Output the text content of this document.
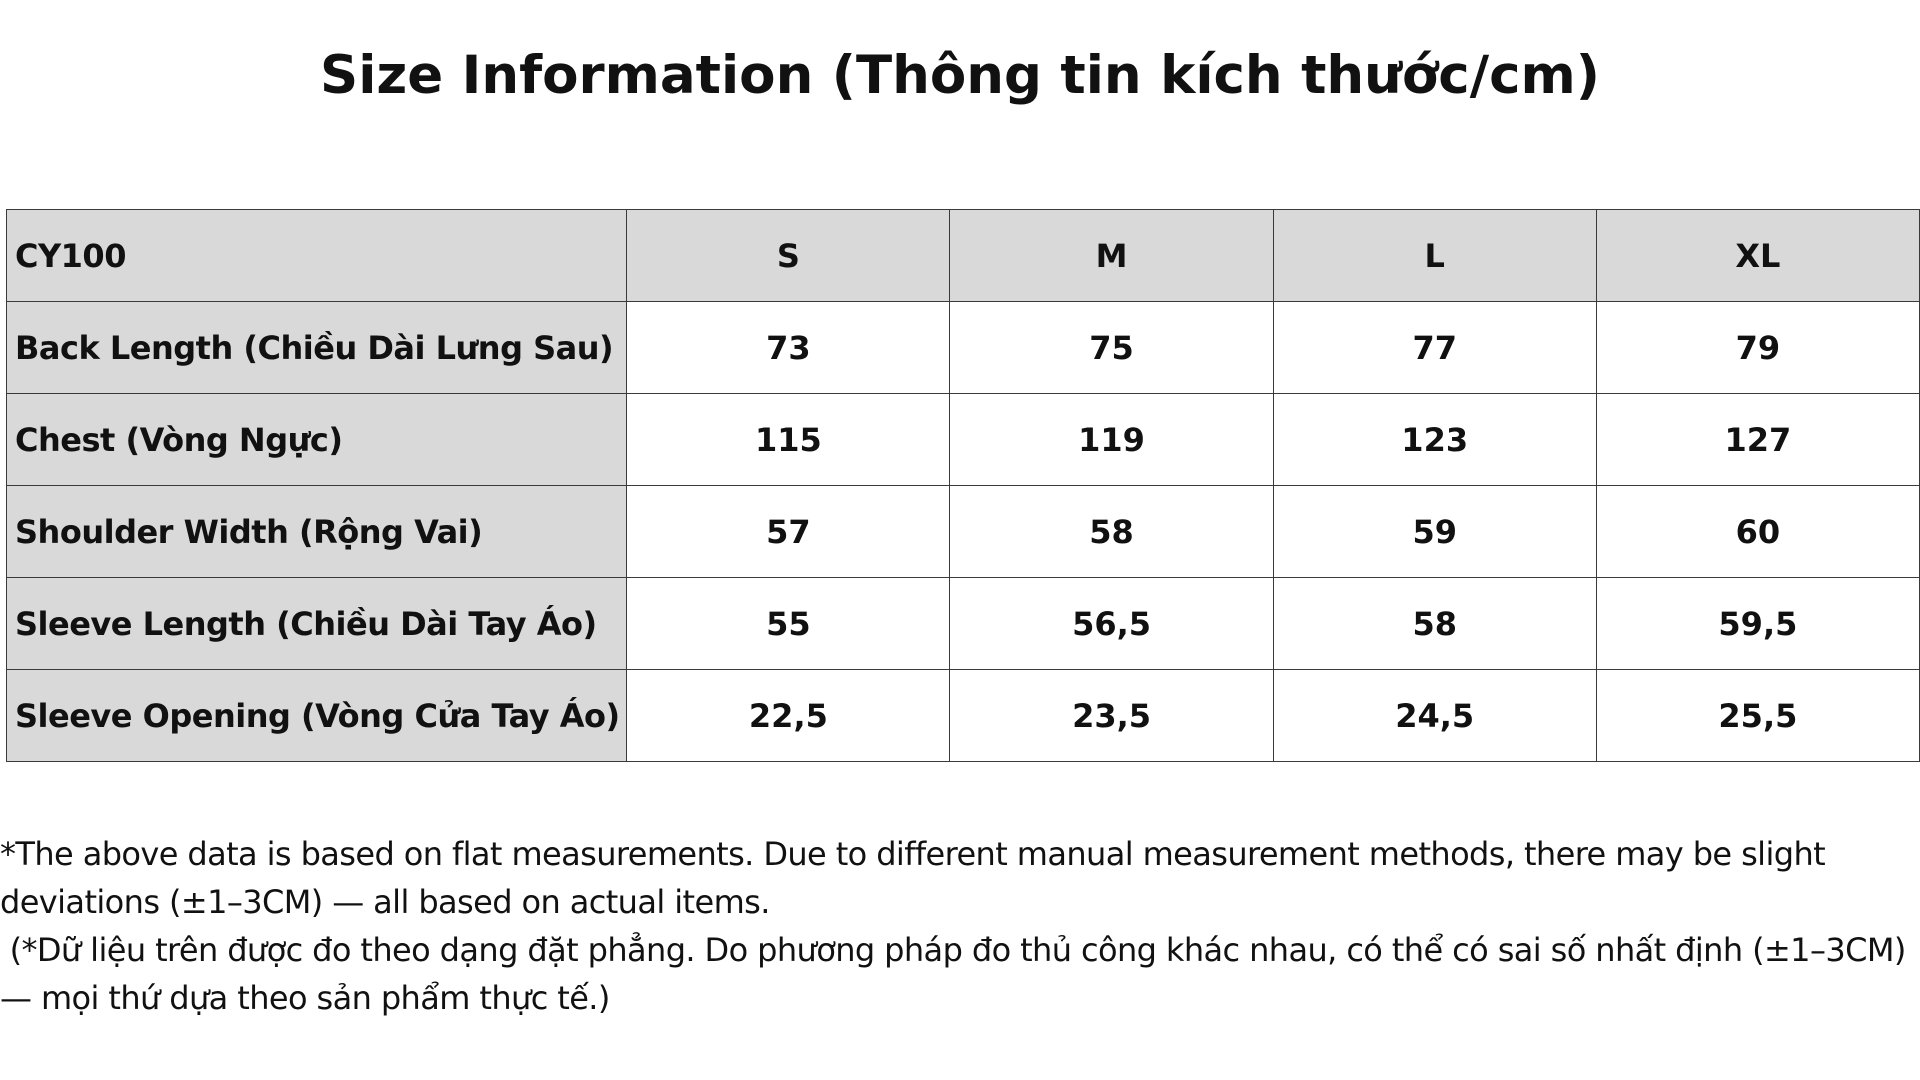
Size Information (Thông tin kích thước/cm)
CY100	S	M	L	XL
Back Length (Chiều Dài Lưng Sau)	73	75	77	79
Chest (Vòng Ngực)	115	119	123	127
Shoulder Width (Rộng Vai)	57	58	59	60
Sleeve Length (Chiều Dài Tay Áo)	55	56,5	58	59,5
Sleeve Opening (Vòng Cửa Tay Áo)	22,5	23,5	24,5	25,5

*The above data is based on flat measurements. Due to different manual measurement methods, there may be slight deviations (±1–3CM) — all based on actual items.

(*Dữ liệu trên được đo theo dạng đặt phẳng. Do phương pháp đo thủ công khác nhau, có thể có sai số nhất định (±1–3CM) — mọi thứ dựa theo sản phẩm thực tế.)
